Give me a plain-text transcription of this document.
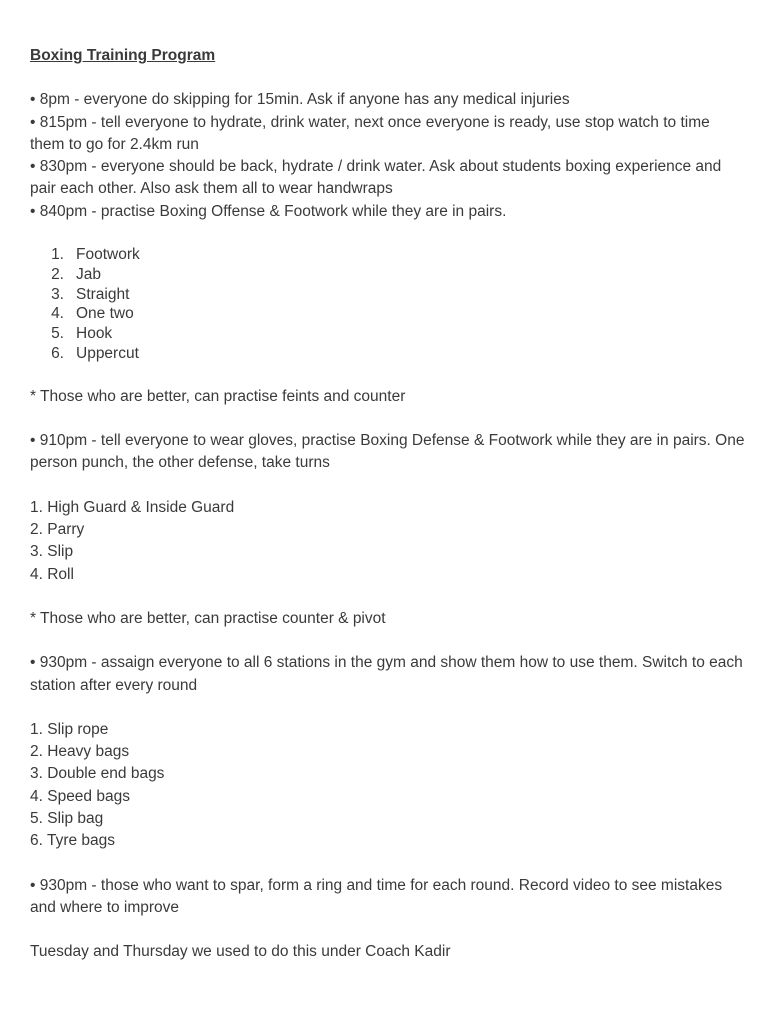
Boxing Training Program

• 8pm - everyone do skipping for 15min. Ask if anyone has any medical injuries

• 815pm - tell everyone to hydrate, drink water, next once everyone is ready, use stop watch to time them to go for 2.4km run

• 830pm - everyone should be back, hydrate / drink water. Ask about students boxing experience and pair each other. Also ask them all to wear handwraps

• 840pm - practise Boxing Offense & Footwork while they are in pairs.

1. Footwork
2. Jab
3. Straight
4. One two
5. Hook
6. Uppercut

* Those who are better, can practise feints and counter

• 910pm - tell everyone to wear gloves, practise Boxing Defense & Footwork while they are in pairs. One person punch, the other defense, take turns

1. High Guard & Inside Guard

2. Parry

3. Slip

4. Roll

* Those who are better, can practise counter & pivot

• 930pm - assaign everyone to all 6 stations in the gym and show them how to use them. Switch to each station after every round

1. Slip rope

2. Heavy bags

3. Double end bags

4. Speed bags

5. Slip bag

6. Tyre bags

• 930pm - those who want to spar, form a ring and time for each round. Record video to see mistakes and where to improve

Tuesday and Thursday we used to do this under Coach Kadir
